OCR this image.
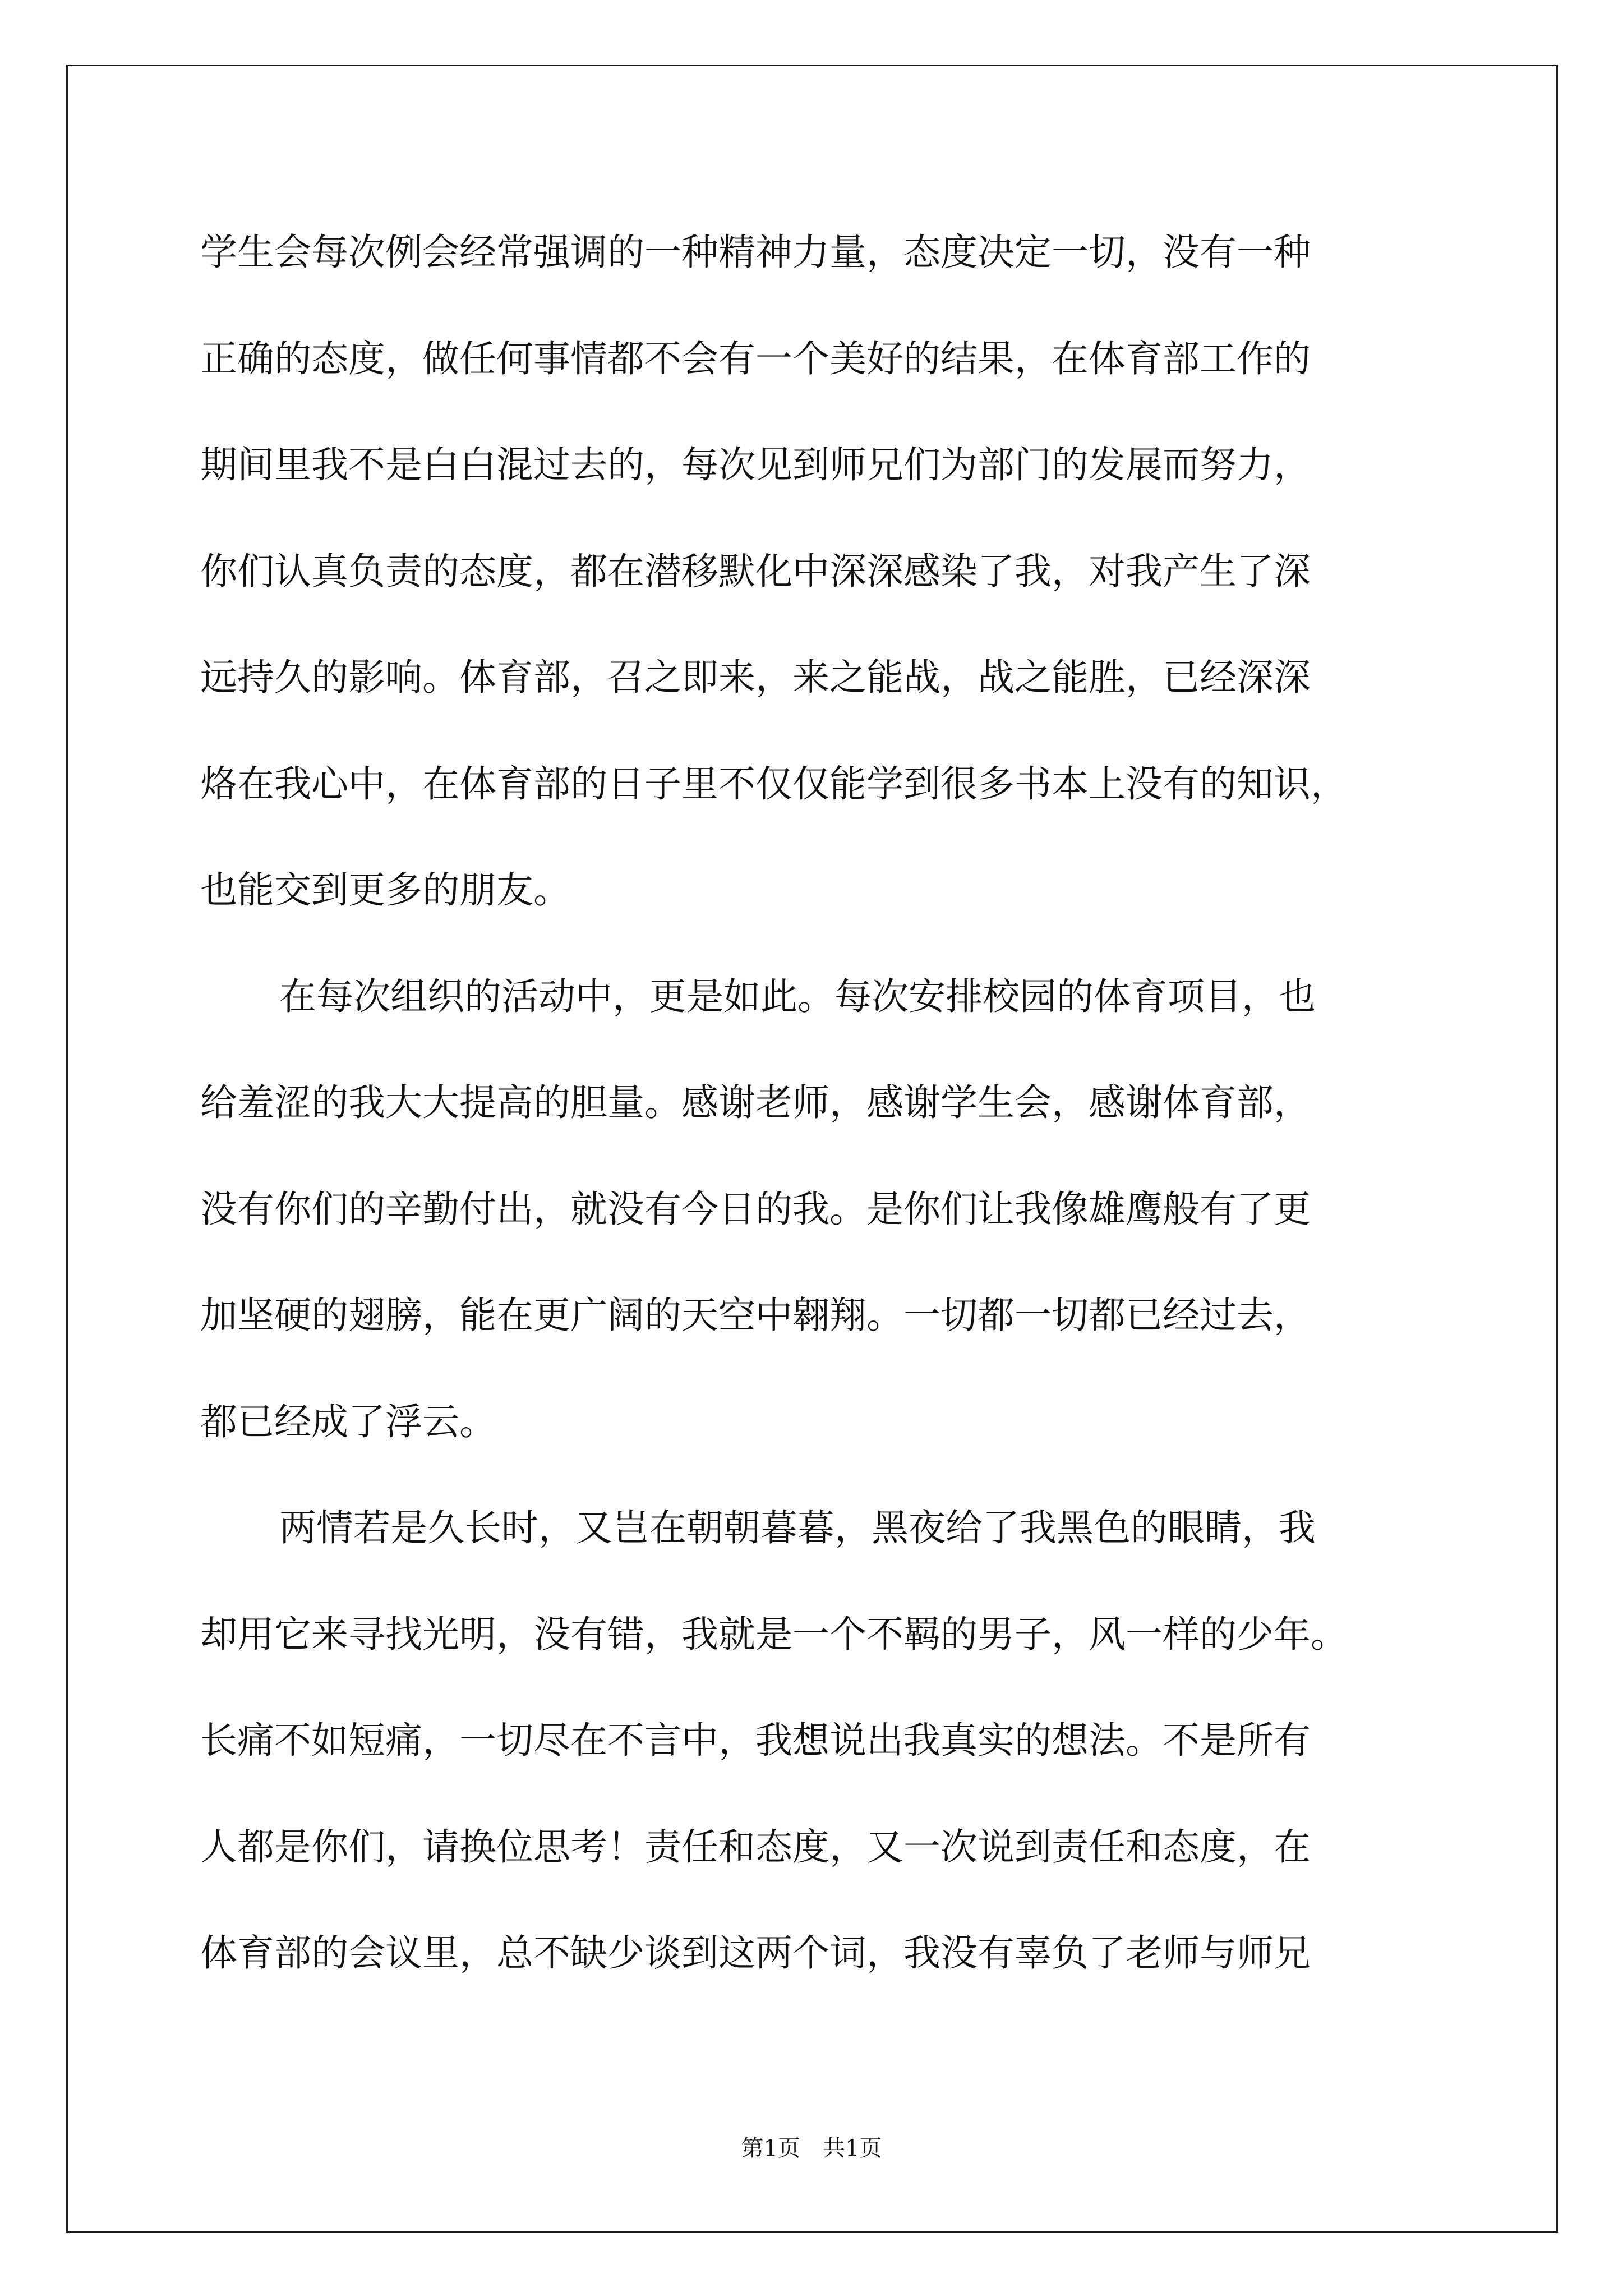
学生会每次例会经常强调的一种精神力量，态度决定一切，没有一种
正确的态度，做任何事情都不会有一个美好的结果，在体育部工作的
期间里我不是白白混过去的，每次见到师兄们为部门的发展而努力，
你们认真负责的态度，都在潜移默化中深深感染了我，对我产生了深
远持久的影响。体育部，召之即来，来之能战，战之能胜，已经深深
烙在我心中，在体育部的日子里不仅仅能学到很多书本上没有的知识，
也能交到更多的朋友。
在每次组织的活动中，更是如此。每次安排校园的体育项目，也
给羞涩的我大大提高的胆量。感谢老师，感谢学生会，感谢体育部，
没有你们的辛勤付出，就没有今日的我。是你们让我像雄鹰般有了更
加坚硬的翅膀，能在更广阔的天空中翱翔。一切都一切都已经过去，
都已经成了浮云。
两情若是久长时，又岂在朝朝暮暮，黑夜给了我黑色的眼睛，我
却用它来寻找光明，没有错，我就是一个不羁的男子，风一样的少年。
长痛不如短痛，一切尽在不言中，我想说出我真实的想法。不是所有
人都是你们，请换位思考！责任和态度，又一次说到责任和态度，在
体育部的会议里，总不缺少谈到这两个词，我没有辜负了老师与师兄
第1页　共1页
